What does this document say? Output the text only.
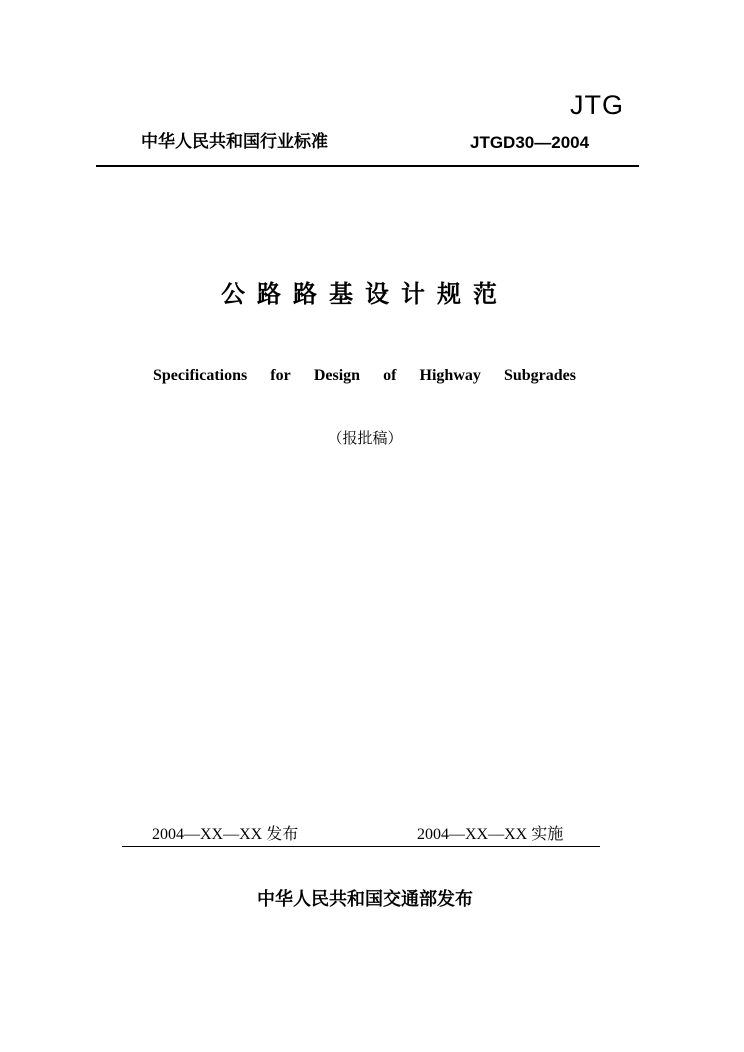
JTG
中华人民共和国行业标准	JTGD30—2004
公路路基设计规范
Specifications for Design of Highway Subgrades
（报批稿）
2004—XX—XX 发布	2004—XX—XX 实施
中华人民共和国交通部发布
